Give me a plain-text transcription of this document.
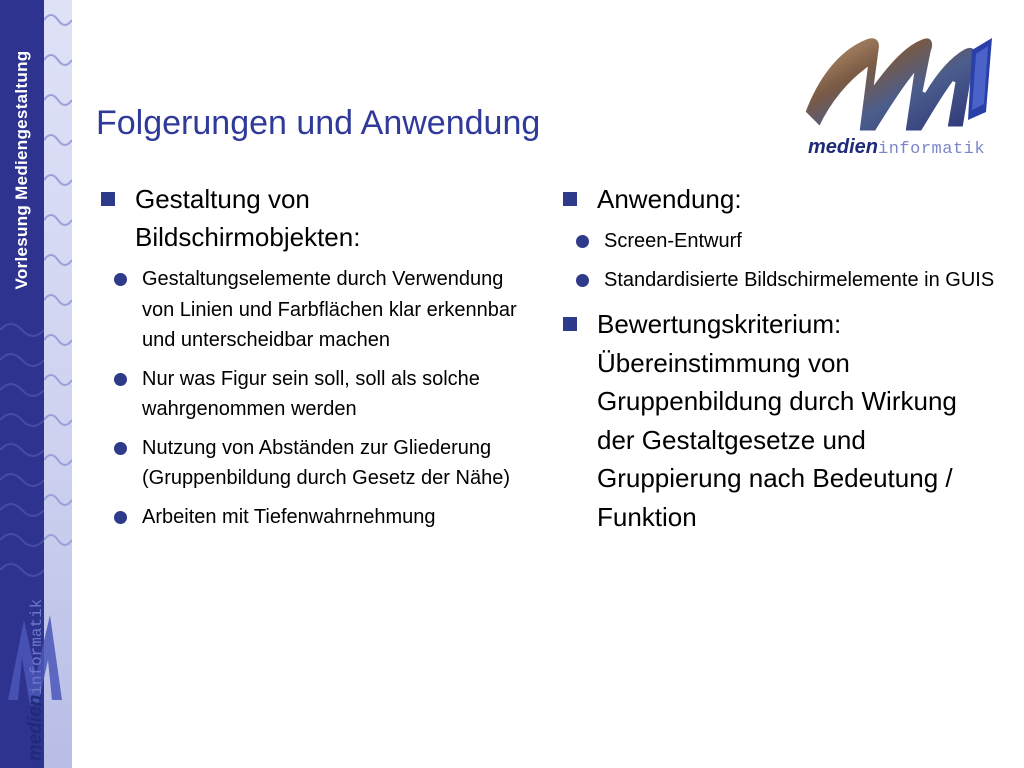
Vorlesung Mediengestaltung
medieninformatik
medieninformatik
Folgerungen und Anwendung
Gestaltung von Bildschirmobjekten:
Gestaltungselemente durch Verwendung von Linien und Farbflächen klar erkennbar und unterscheidbar machen
Nur was Figur sein soll, soll als solche wahrgenommen werden
Nutzung von Abständen zur Gliederung (Gruppenbildung durch Gesetz der Nähe)
Arbeiten mit Tiefenwahrnehmung
Anwendung:
Screen-Entwurf
Standardisierte Bildschirmelemente in GUIS
Bewertungskriterium: Übereinstimmung von Gruppenbildung durch Wirkung der Gestaltgesetze und Gruppierung nach Bedeutung / Funktion
